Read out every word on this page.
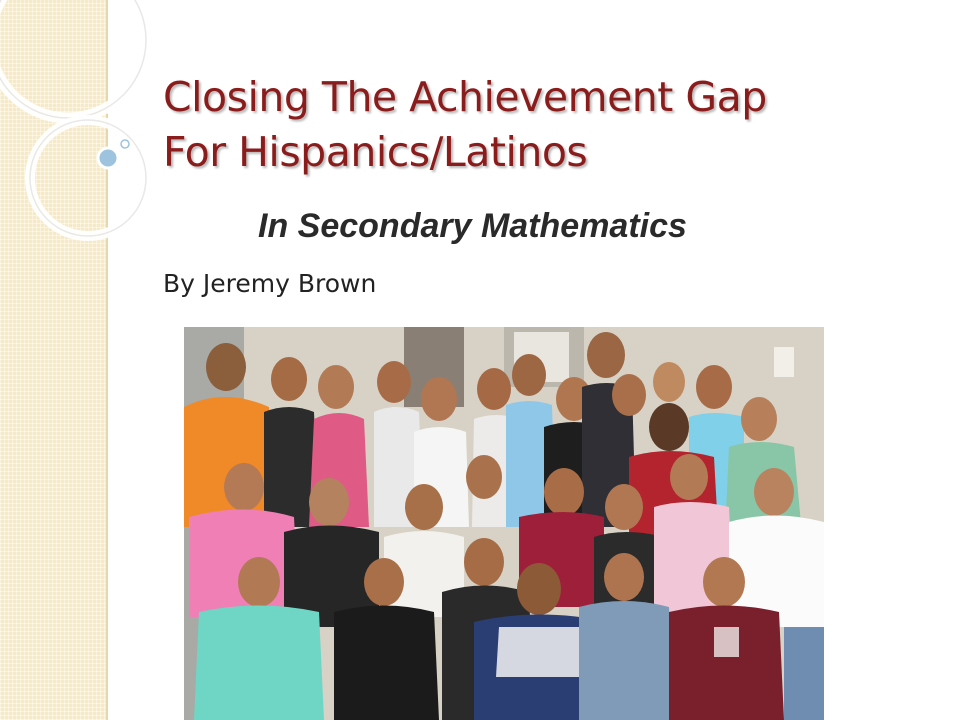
Closing The Achievement Gap
For Hispanics/Latinos

In Secondary Mathematics

By Jeremy Brown
